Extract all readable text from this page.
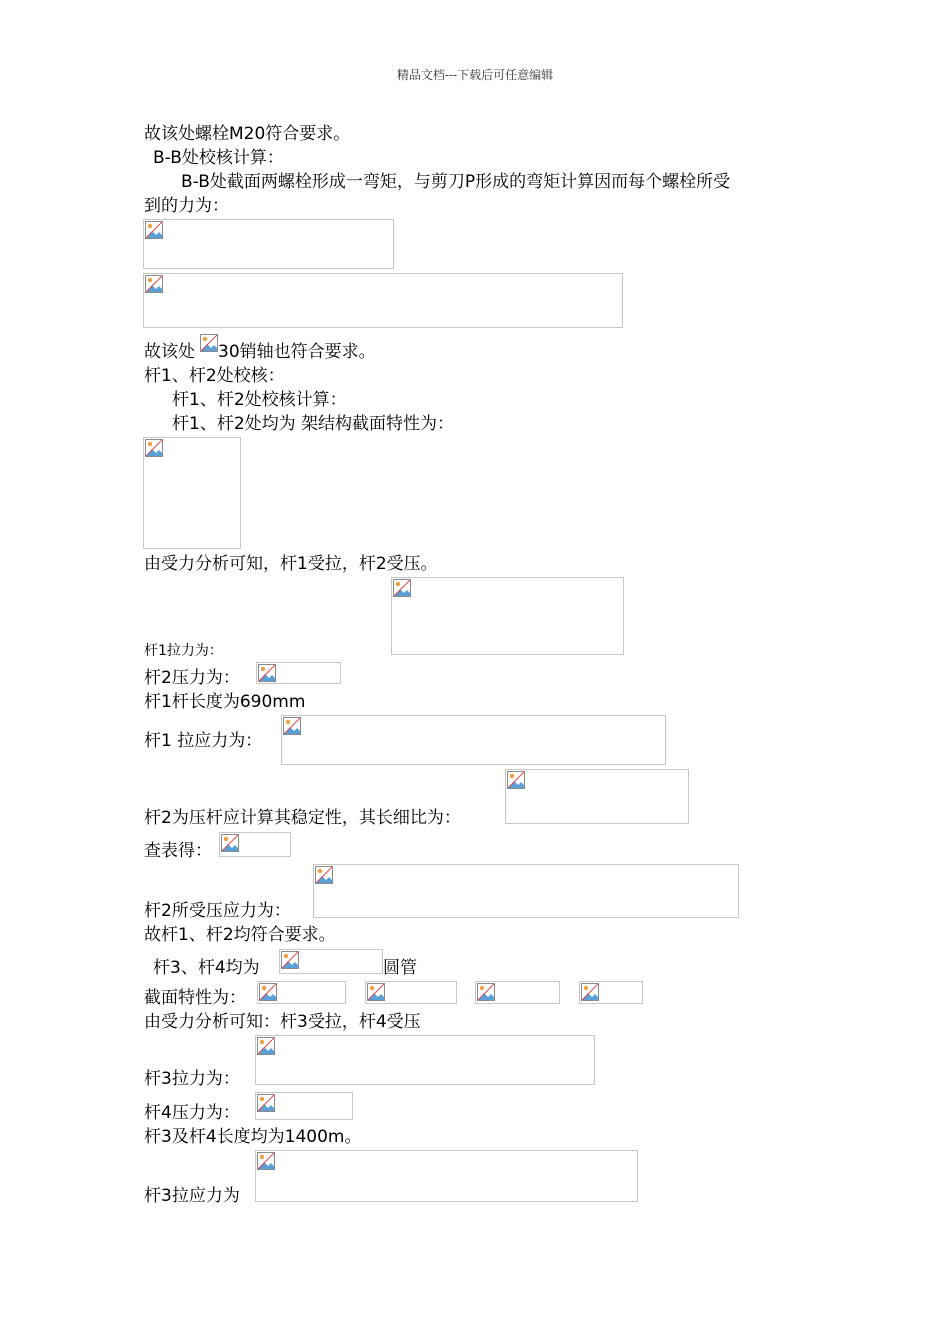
精品文档---下载后可任意编辑
故该处螺栓M20符合要求。
B-B处校核计算：
B-B处截面两螺栓形成一弯矩，与剪刀P形成的弯矩计算因而每个螺栓所受
到的力为：
故该处 30销轴也符合要求。
杆1、杆2处校核：
杆1、杆2处校核计算：
杆1、杆2处均为 架结构截面特性为：
由受力分析可知，杆1受拉，杆2受压。
杆1拉力为：
杆2压力为：
杆1杆长度为690mm
杆1 拉应力为：
杆2为压杆应计算其稳定性，其长细比为：
查表得：
杆2所受压应力为：
故杆1、杆2均符合要求。
杆3、杆4均为	圆管
截面特性为：
由受力分析可知：杆3受拉，杆4受压
杆3拉力为：
杆4压力为：
杆3及杆4长度均为1400m。
杆3拉应力为
